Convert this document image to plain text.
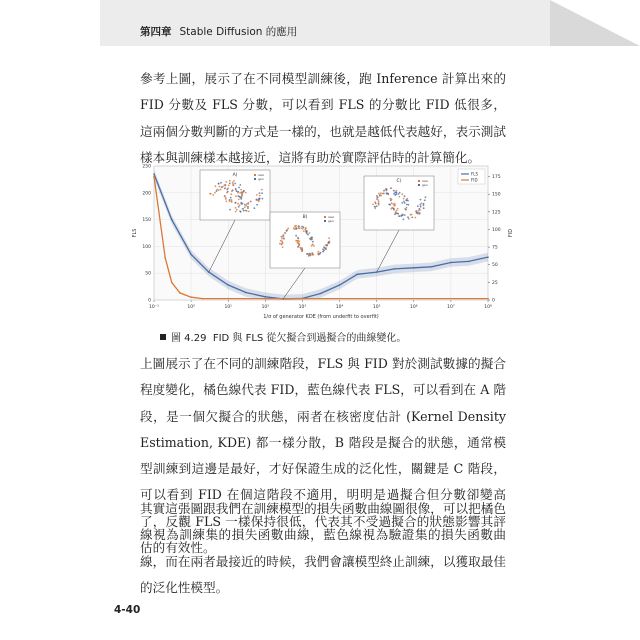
第四章 Stable Diffusion 的應用

參考上圖，展示了在不同模型訓練後，跑 Inference 計算出來的 FID 分數及 FLS 分數，可以看到 FLS 的分數比 FID 低很多，這兩個分數判斷的方式是一樣的，也就是越低代表越好，表示測試樣本與訓練樣本越接近，這將有助於實際評估時的計算簡化。

10⁻¹	10⁰	10¹	10²	10³	10⁴	10⁵	10⁶	10⁷	10⁸
0
50
100
150
200
250
0
25
50
75
100
125
150
175
1/σ of generator KDE (from underfit to overfit)
FLS	FID
FLS
FID
A)	real
gen
B)	real
gen
C)	real
gen
圖 4.29 FID 與 FLS 從欠擬合到過擬合的曲線變化。

上圖展示了在不同的訓練階段，FLS 與 FID 對於測試數據的擬合程度變化，橘色線代表 FID，藍色線代表 FLS，可以看到在 A 階段，是一個欠擬合的狀態，兩者在核密度估計 (Kernel Density Estimation, KDE) 都一樣分散，B 階段是擬合的狀態，通常模型訓練到這邊是最好，才好保證生成的泛化性，關鍵是 C 階段，可以看到 FID 在個這階段不適用，明明是過擬合但分數卻變高了，反觀 FLS 一樣保持很低，代表其不受過擬合的狀態影響其評估的有效性。

其實這張圖跟我們在訓練模型的損失函數曲線圖很像，可以把橘色線視為訓練集的損失函數曲線，藍色線視為驗證集的損失函數曲線，而在兩者最接近的時候，我們會讓模型終止訓練，以獲取最佳的泛化性模型。

4-40
